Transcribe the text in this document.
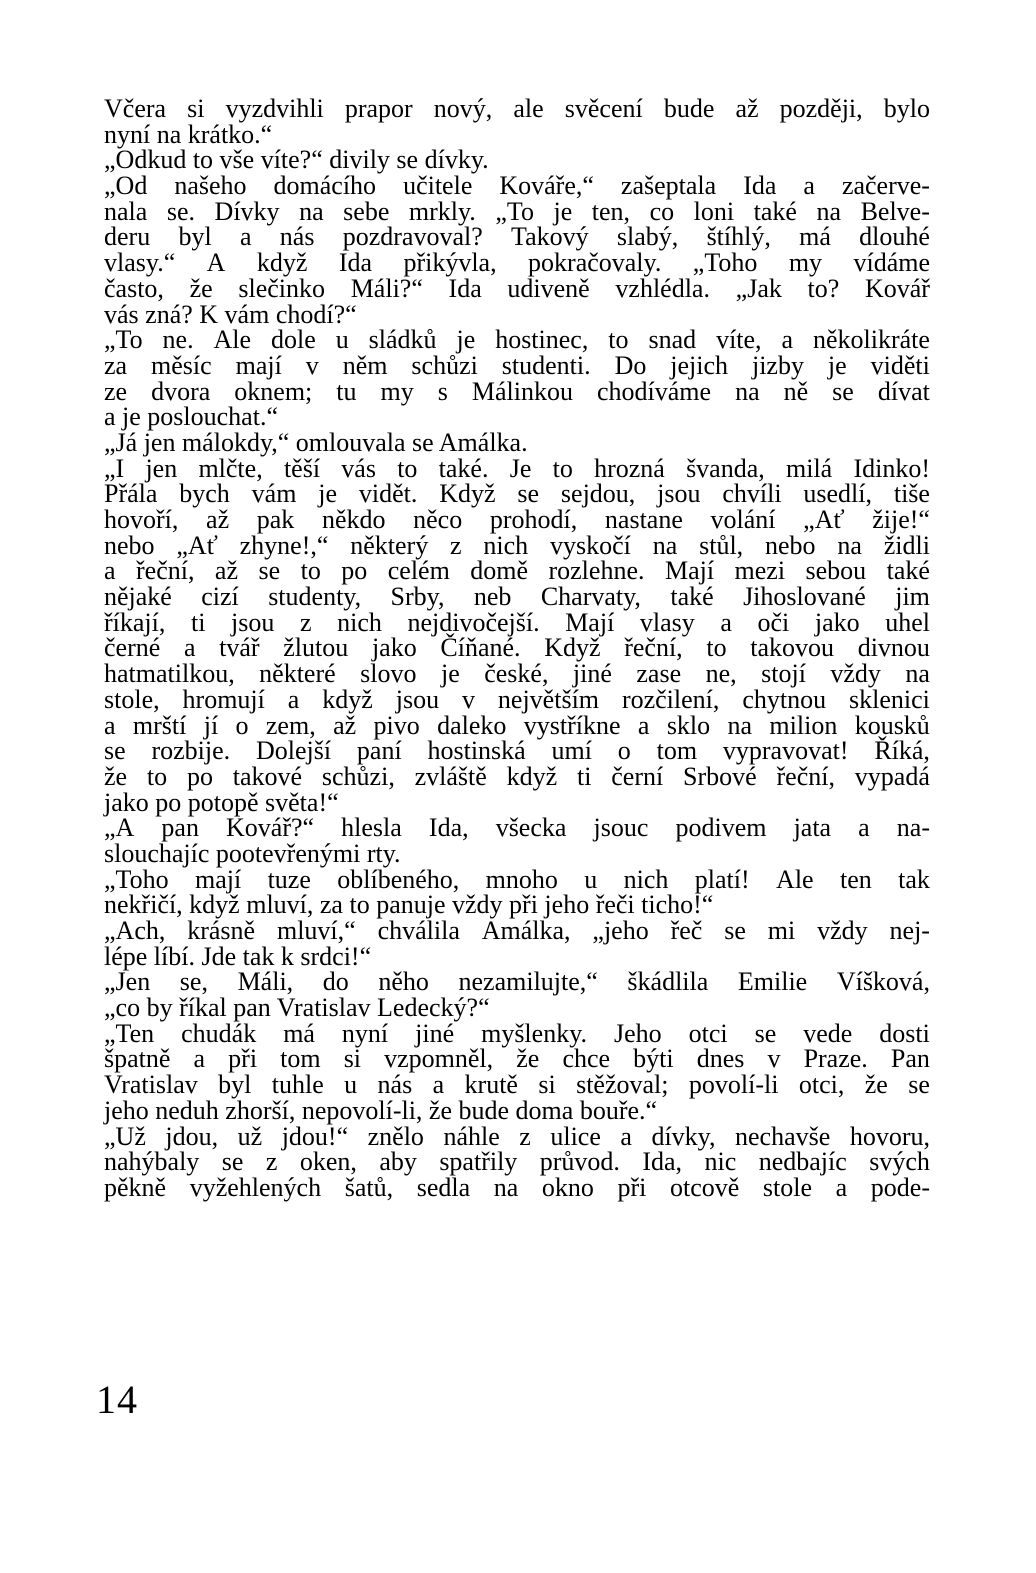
Včera si vyzdvihli prapor nový, ale svěcení bude až později, bylo
nyní na krátko.“
„Odkud to vše víte?“ divily se dívky.
„Od našeho domácího učitele Kováře,“ zašeptala Ida a začerve-
nala se. Dívky na sebe mrkly. „To je ten, co loni také na Belve-
deru byl a nás pozdravoval? Takový slabý, štíhlý, má dlouhé
vlasy.“ A když Ida přikývla, pokračovaly. „Toho my vídáme
často, že slečinko Máli?“ Ida udiveně vzhlédla. „Jak to? Kovář
vás zná? K vám chodí?“
„To ne. Ale dole u sládků je hostinec, to snad víte, a několikráte
za měsíc mají v něm schůzi studenti. Do jejich jizby je viděti
ze dvora oknem; tu my s Málinkou chodíváme na ně se dívat
a je poslouchat.“
„Já jen málokdy,“ omlouvala se Amálka.
„I jen mlčte, těší vás to také. Je to hrozná švanda, milá Idinko!
Přála bych vám je vidět. Když se sejdou, jsou chvíli usedlí, tiše
hovoří, až pak někdo něco prohodí, nastane volání „Ať žije!“
nebo „Ať zhyne!,“ některý z nich vyskočí na stůl, nebo na židli
a řeční, až se to po celém domě rozlehne. Mají mezi sebou také
nějaké cizí studenty, Srby, neb Charvaty, také Jihoslované jim
říkají, ti jsou z nich nejdivočejší. Mají vlasy a oči jako uhel
černé a tvář žlutou jako Číňané. Když řeční, to takovou divnou
hatmatilkou, některé slovo je české, jiné zase ne, stojí vždy na
stole, hromují a když jsou v největším rozčilení, chytnou sklenici
a mrští jí o zem, až pivo daleko vystříkne a sklo na milion kousků
se rozbije. Dolejší paní hostinská umí o tom vypravovat! Říká,
že to po takové schůzi, zvláště když ti černí Srbové řeční, vypadá
jako po potopě světa!“
„A pan Kovář?“ hlesla Ida, všecka jsouc podivem jata a na-
slouchajíc pootevřenými rty.
„Toho mají tuze oblíbeného, mnoho u nich platí! Ale ten tak
nekřičí, když mluví, za to panuje vždy při jeho řeči ticho!“
„Ach, krásně mluví,“ chválila Amálka, „jeho řeč se mi vždy nej-
lépe líbí. Jde tak k srdci!“
„Jen se, Máli, do něho nezamilujte,“ škádlila Emilie Víšková,
„co by říkal pan Vratislav Ledecký?“
„Ten chudák má nyní jiné myšlenky. Jeho otci se vede dosti
špatně a při tom si vzpomněl, že chce býti dnes v Praze. Pan
Vratislav byl tuhle u nás a krutě si stěžoval; povolí-li otci, že se
jeho neduh zhorší, nepovolí-li, že bude doma bouře.“
„Už jdou, už jdou!“ znělo náhle z ulice a dívky, nechavše hovoru,
nahýbaly se z oken, aby spatřily průvod. Ida, nic nedbajíc svých
pěkně vyžehlených šatů, sedla na okno při otcově stole a pode-
14
